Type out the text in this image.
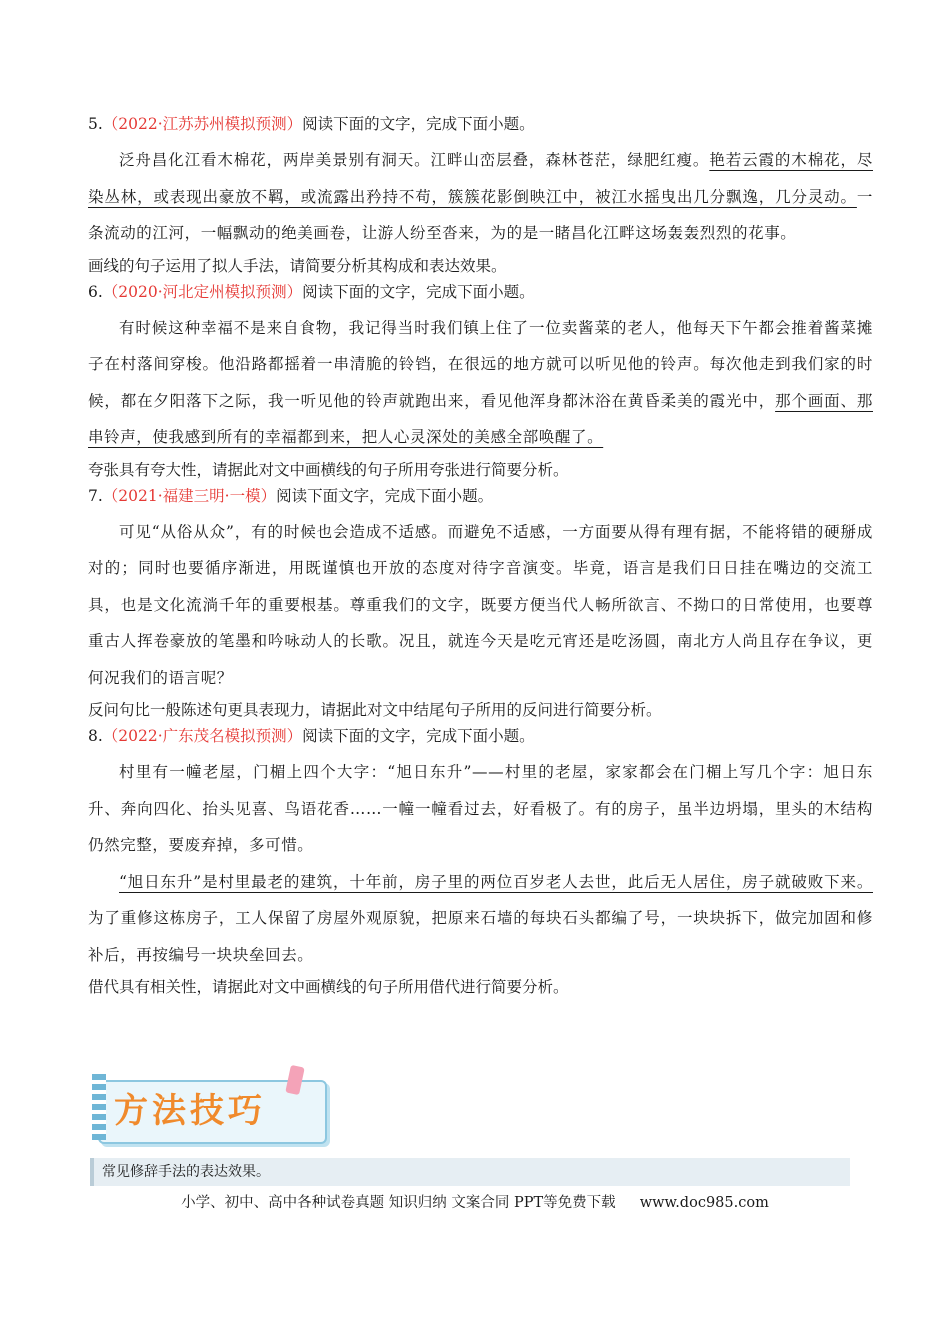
5.（2022·江苏苏州模拟预测）阅读下面的文字，完成下面小题。

泛舟昌化江看木棉花，两岸美景别有洞天。江畔山峦层叠，森林苍茫，绿肥红瘦。艳若云霞的木棉花，尽染丛林，或表现出豪放不羁，或流露出矜持不苟，簇簇花影倒映江中，被江水摇曳出几分飘逸，几分灵动。一条流动的江河，一幅飘动的绝美画卷，让游人纷至沓来，为的是一睹昌化江畔这场轰轰烈烈的花事。

画线的句子运用了拟人手法，请简要分析其构成和表达效果。

6.（2020·河北定州模拟预测）阅读下面的文字，完成下面小题。

有时候这种幸福不是来自食物，我记得当时我们镇上住了一位卖酱菜的老人，他每天下午都会推着酱菜摊子在村落间穿梭。他沿路都摇着一串清脆的铃铛，在很远的地方就可以听见他的铃声。每次他走到我们家的时候，都在夕阳落下之际，我一听见他的铃声就跑出来，看见他浑身都沐浴在黄昏柔美的霞光中，那个画面、那串铃声，使我感到所有的幸福都到来，把人心灵深处的美感全部唤醒了。

夸张具有夸大性，请据此对文中画横线的句子所用夸张进行简要分析。

7.（2021·福建三明·一模）阅读下面文字，完成下面小题。

可见“从俗从众”，有的时候也会造成不适感。而避免不适感，一方面要从得有理有据，不能将错的硬掰成对的；同时也要循序渐进，用既谨慎也开放的态度对待字音演变。毕竟，语言是我们日日挂在嘴边的交流工具，也是文化流淌千年的重要根基。尊重我们的文字，既要方便当代人畅所欲言、不拗口的日常使用，也要尊重古人挥卷豪放的笔墨和吟咏动人的长歌。况且，就连今天是吃元宵还是吃汤圆，南北方人尚且存在争议，更何况我们的语言呢？

反问句比一般陈述句更具表现力，请据此对文中结尾句子所用的反问进行简要分析。

8.（2022·广东茂名模拟预测）阅读下面的文字，完成下面小题。

村里有一幢老屋，门楣上四个大字：“旭日东升”——村里的老屋，家家都会在门楣上写几个字：旭日东升、奔向四化、抬头见喜、鸟语花香……一幢一幢看过去，好看极了。有的房子，虽半边坍塌，里头的木结构仍然完整，要废弃掉，多可惜。

“旭日东升”是村里最老的建筑，十年前，房子里的两位百岁老人去世，此后无人居住，房子就破败下来。为了重修这栋房子，工人保留了房屋外观原貌，把原来石墙的每块石头都编了号，一块块拆下，做完加固和修补后，再按编号一块块垒回去。

借代具有相关性，请据此对文中画横线的句子所用借代进行简要分析。

方法技巧

常见修辞手法的表达效果。

小学、初中、高中各种试卷真题 知识归纳 文案合同 PPT等免费下载 www.doc985.com
